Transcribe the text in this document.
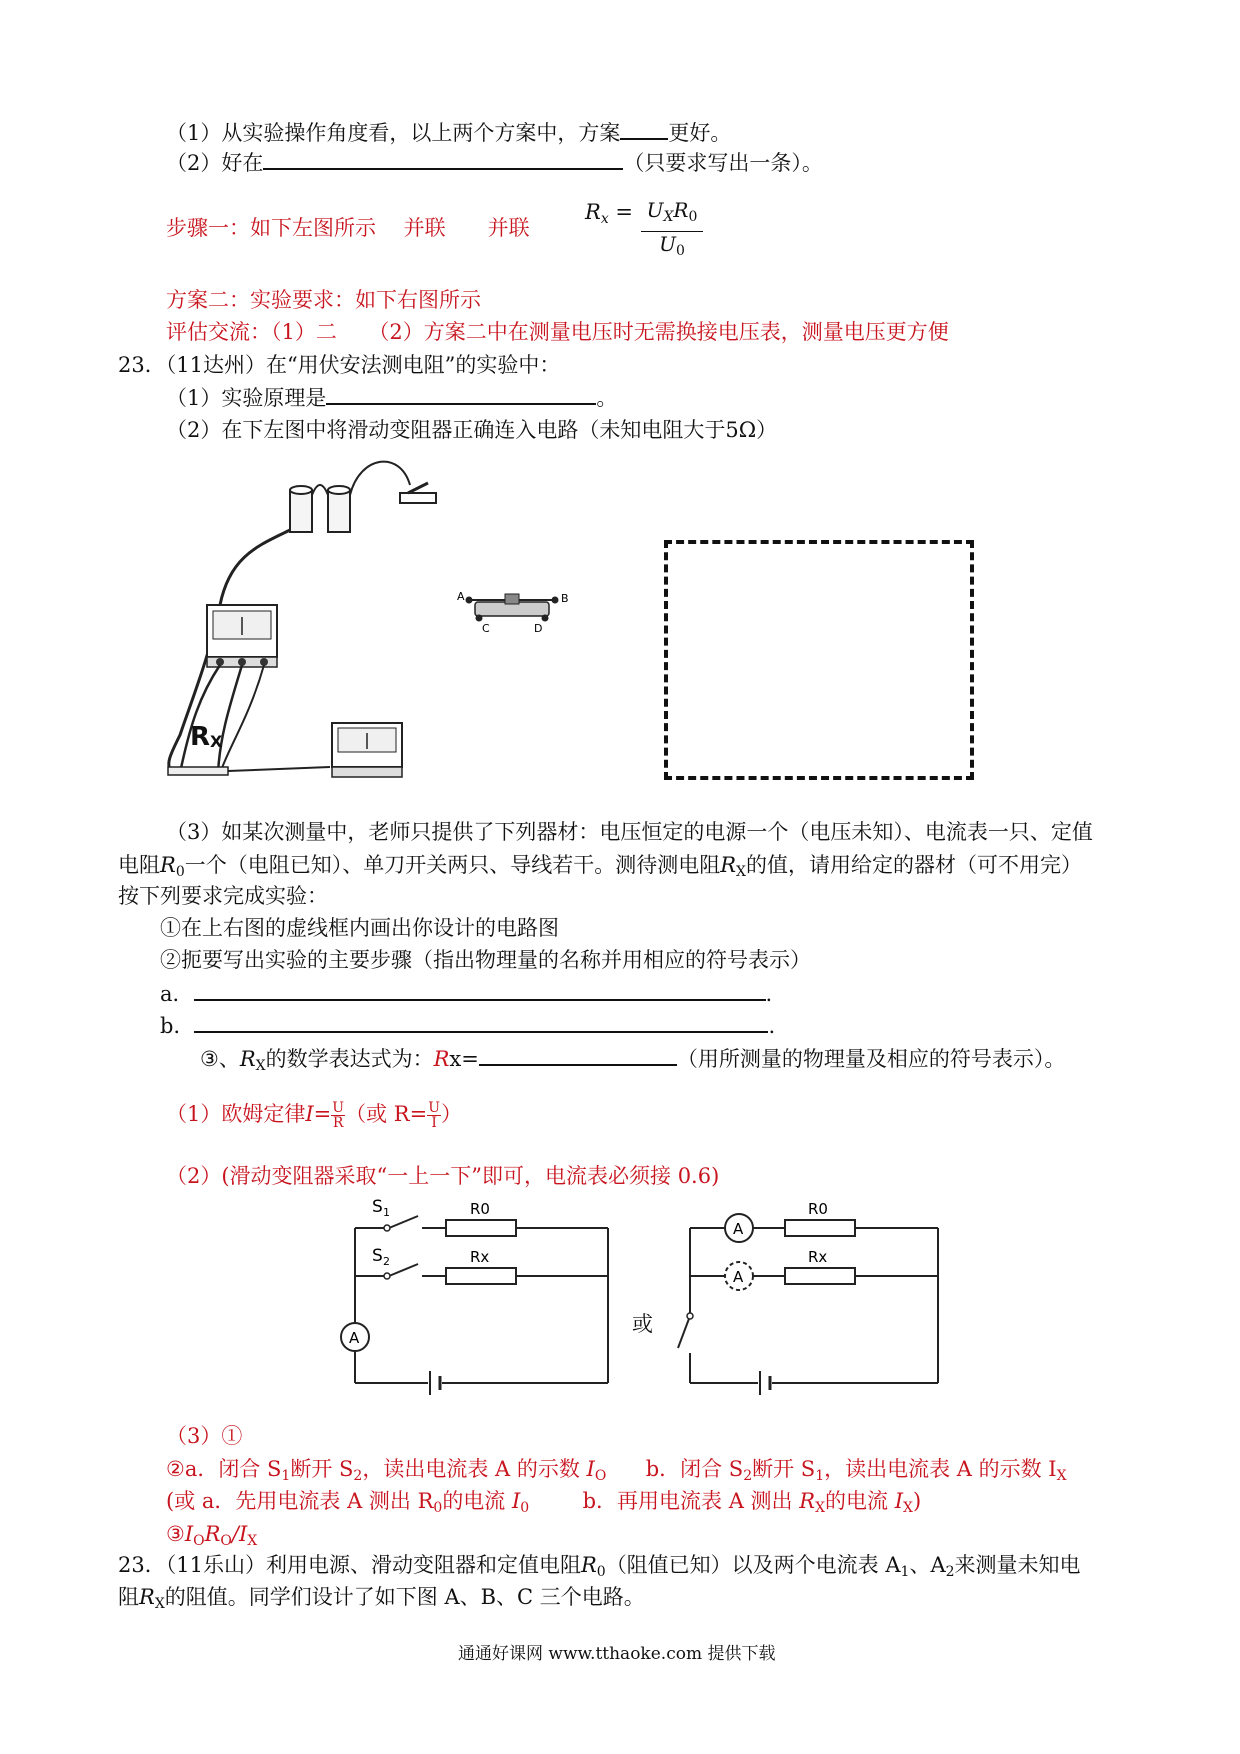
（1）从实验操作角度看，以上两个方案中，方案 更好。
（2）好在	（只要求写出一条）。
步骤一：如下左图所示　 并联　　并联
$R_x = U_XR_0$
$U_0$
方案二：实验要求：如下右图所示
评估交流：（1）二　　（2）方案二中在测量电压时无需换接电压表，测量电压更方便
23．（11达州）在“用伏安法测电阻”的实验中：
（1）实验原理是	。
（2）在下左图中将滑动变阻器正确连入电路（未知电阻大于5Ω）
R X
A	B
C	D
（3）如某次测量中，老师只提供了下列器材：电压恒定的电源一个（电压未知）、电流表一只、定值
电阻$R_0$一个（电阻已知）、单刀开关两只、导线若干。测待测电阻$R_X$的值，请用给定的器材（可不用完）
按下列要求完成实验：
①在上右图的虚线框内画出你设计的电路图
②扼要写出实验的主要步骤（指出物理量的名称并用相应的符号表示）
a．	.
b．	.
③、$R_X$的数学表达式为：Rx=	（用所测量的物理量及相应的符号表示）。
（1）欧姆定律$I= \frac{U}{R}$ （或 $R= \frac{U}{I}$ ）
（2）(滑动变阻器采取“一上一下”即可，电流表必须接 0.6)
A
S 1
S 2
R0
Rx
或
A
A
R0
Rx
（3）①
②a．闭合 $S_1$断开 $S_2$，读出电流表 A 的示数 $I_O$ b．闭合 $S_2$断开 $S_1$，读出电流表 A 的示数 $I_X$
(或 a．先用电流表 A 测出 $R_0$的电流 $I_0$	b．再用电流表 A 测出 $R_X$的电流 $I_X$)
$③I_OR_O/I_X$
23．（11乐山）利用电源、滑动变阻器和定值电阻$R_0$（阻值已知）以及两个电流表 $A_1$、$A_2$来测量未知电
阻$R_X$的阻值。同学们设计了如下图 A、B、C 三个电路。
通通好课网 www.tthaoke.com 提供下载
